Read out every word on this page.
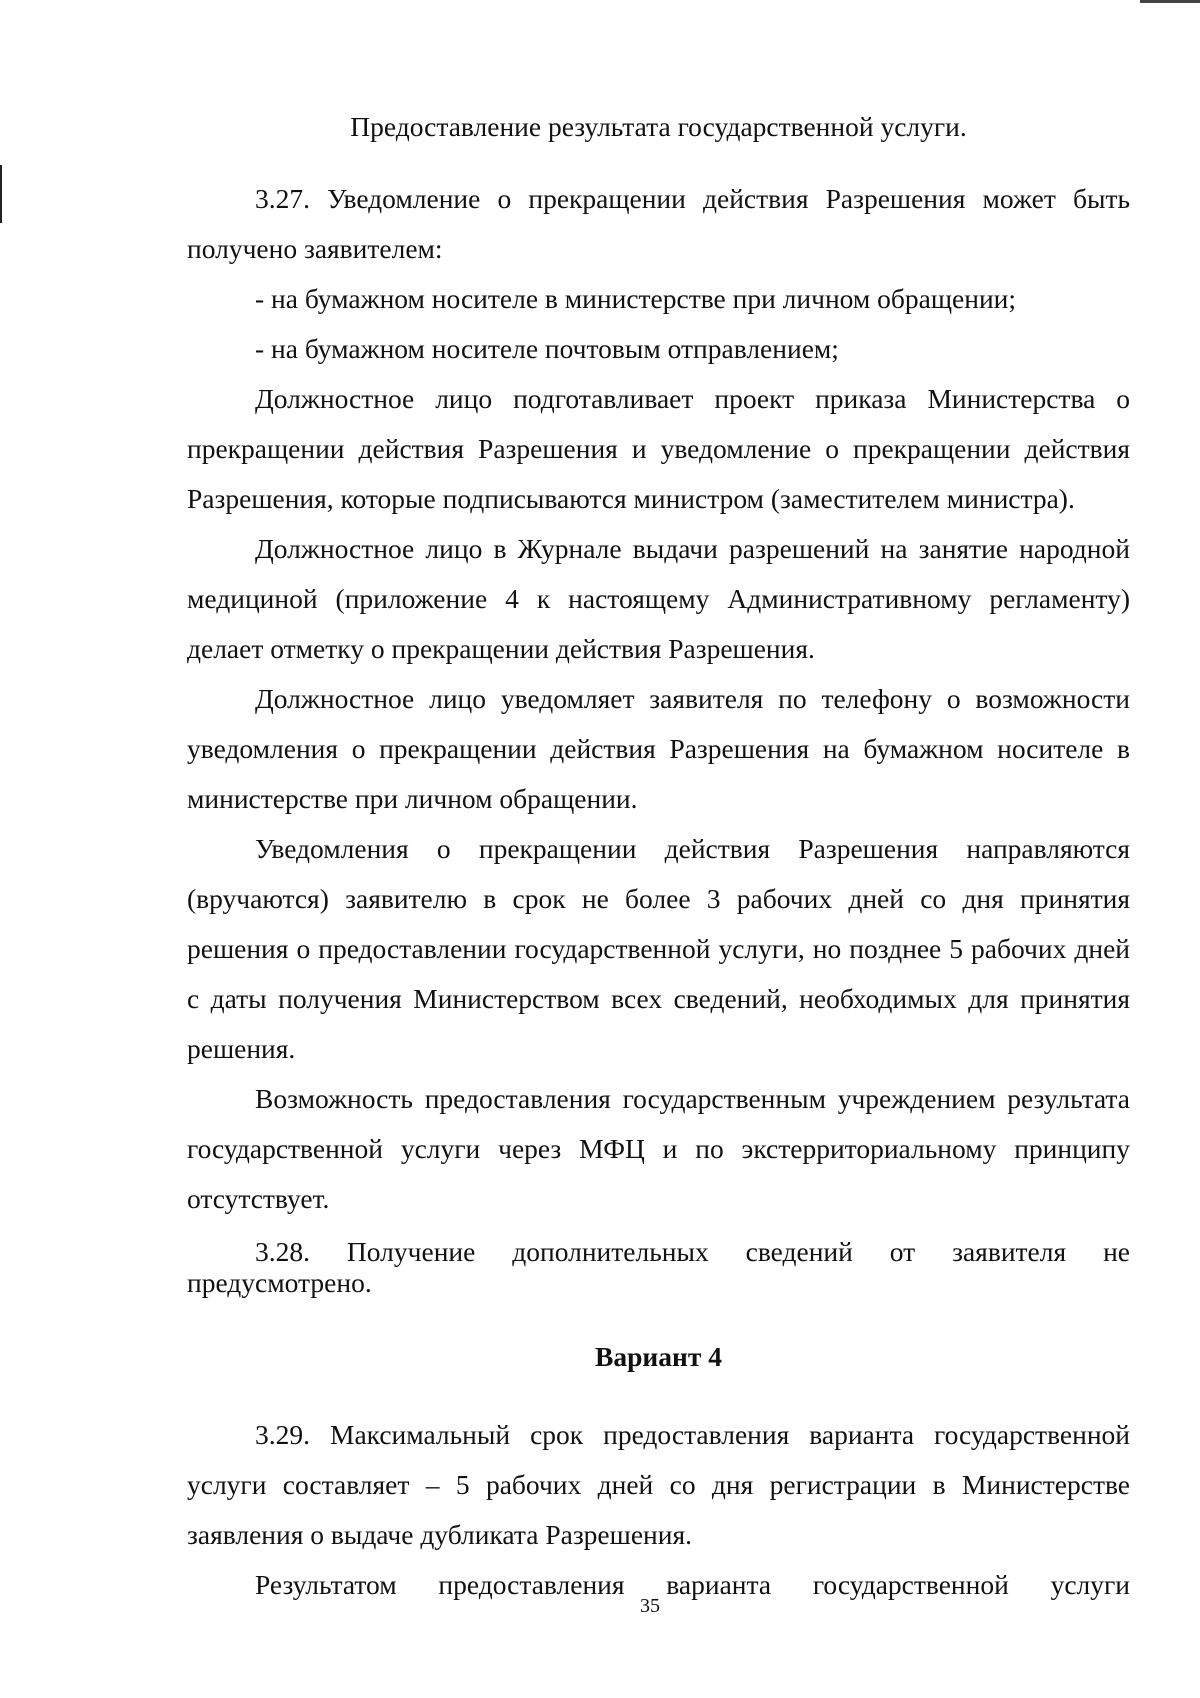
Предоставление результата государственной услуги.

3.27. Уведомление о прекращении действия Разрешения может быть получено заявителем:

- на бумажном носителе в министерстве при личном обращении;

- на бумажном носителе почтовым отправлением;

Должностное лицо подготавливает проект приказа Министерства о прекращении действия Разрешения и уведомление о прекращении действия Разрешения, которые подписываются министром (заместителем министра).

Должностное лицо в Журнале выдачи разрешений на занятие народной медициной (приложение 4 к настоящему Административному регламенту) делает отметку о прекращении действия Разрешения.

Должностное лицо уведомляет заявителя по телефону о возможности уведомления о прекращении действия Разрешения на бумажном носителе в министерстве при личном обращении.

Уведомления о прекращении действия Разрешения направляются (вручаются) заявителю в срок не более 3 рабочих дней со дня принятия решения о предоставлении государственной услуги, но позднее 5 рабочих дней с даты получения Министерством всех сведений, необходимых для принятия решения.

Возможность предоставления государственным учреждением результата государственной услуги через МФЦ и по экстерриториальному принципу отсутствует.

3.28. Получение дополнительных сведений от заявителя не предусмотрено.

Вариант 4

3.29. Максимальный срок предоставления варианта государственной услуги составляет – 5 рабочих дней со дня регистрации в Министерстве заявления о выдаче дубликата Разрешения.

Результатом предоставления варианта государственной услуги

35
